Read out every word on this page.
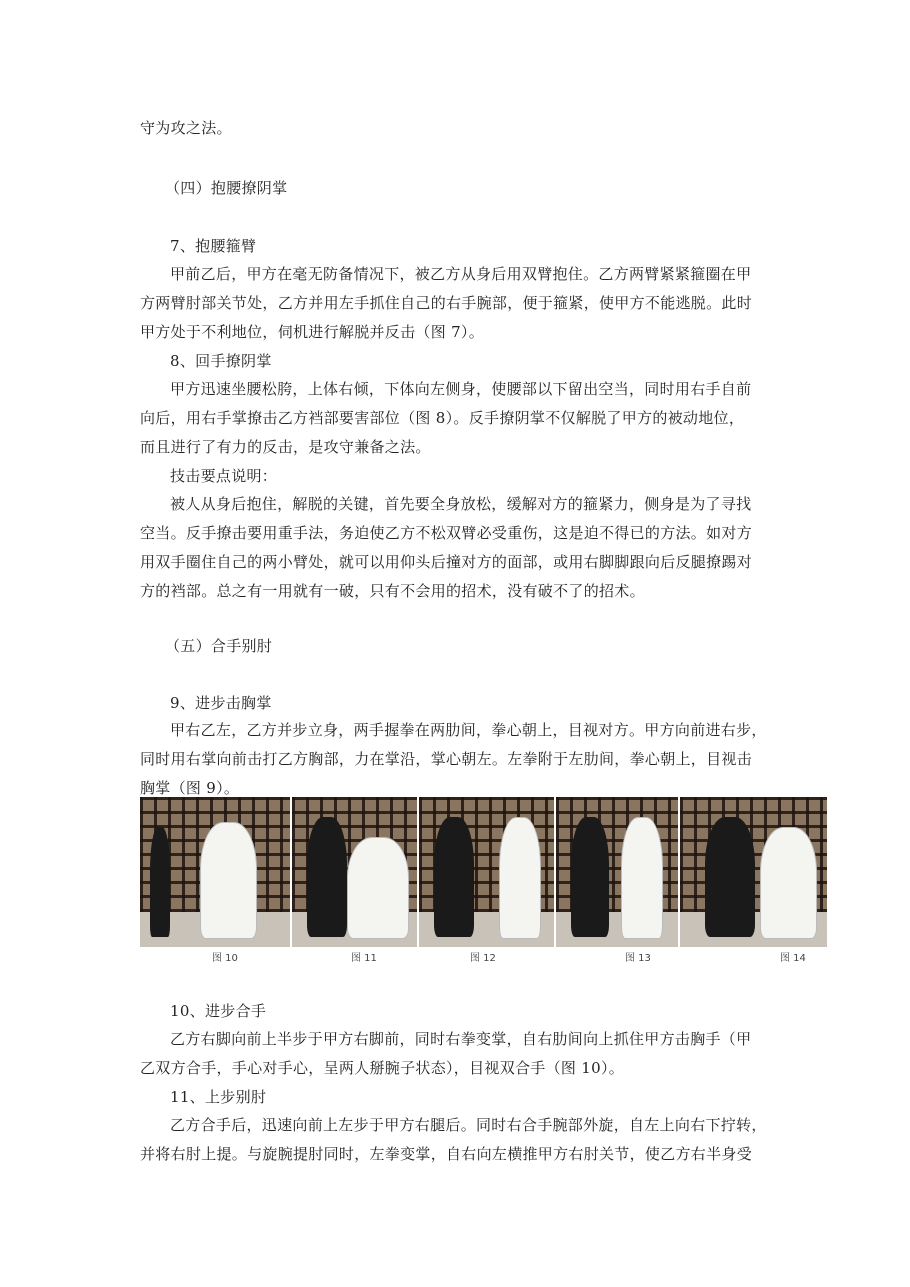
守为攻之法。
（四）抱腰撩阴掌
7、抱腰箍臂
甲前乙后，甲方在毫无防备情况下，被乙方从身后用双臂抱住。乙方两臂紧紧箍圈在甲
方两臂肘部关节处，乙方并用左手抓住自己的右手腕部，便于箍紧，使甲方不能逃脱。此时
甲方处于不利地位，伺机进行解脱并反击（图 7）。
8、回手撩阴掌
甲方迅速坐腰松胯，上体右倾，下体向左侧身，使腰部以下留出空当，同时用右手自前
向后，用右手掌撩击乙方裆部要害部位（图 8）。反手撩阴掌不仅解脱了甲方的被动地位，
而且进行了有力的反击，是攻守兼备之法。
技击要点说明：
被人从身后抱住，解脱的关键，首先要全身放松，缓解对方的箍紧力，侧身是为了寻找
空当。反手撩击要用重手法，务迫使乙方不松双臂必受重伤，这是迫不得已的方法。如对方
用双手圈住自己的两小臂处，就可以用仰头后撞对方的面部，或用右脚脚跟向后反腿撩踢对
方的裆部。总之有一用就有一破，只有不会用的招术，没有破不了的招术。
（五）合手别肘
9、进步击胸掌
甲右乙左，乙方并步立身，两手握拳在两肋间，拳心朝上，目视对方。甲方向前进右步，
同时用右掌向前击打乙方胸部，力在掌沿，掌心朝左。左拳附于左肋间，拳心朝上，目视击
胸掌（图 9）。
图 10	图 11	图 12	图 13	图 14
10、进步合手
乙方右脚向前上半步于甲方右脚前，同时右拳变掌，自右肋间向上抓住甲方击胸手（甲
乙双方合手，手心对手心，呈两人掰腕子状态），目视双合手（图 10）。
11、上步别肘
乙方合手后，迅速向前上左步于甲方右腿后。同时右合手腕部外旋，自左上向右下拧转，
并将右肘上提。与旋腕提肘同时，左拳变掌，自右向左横推甲方右肘关节，使乙方右半身受
